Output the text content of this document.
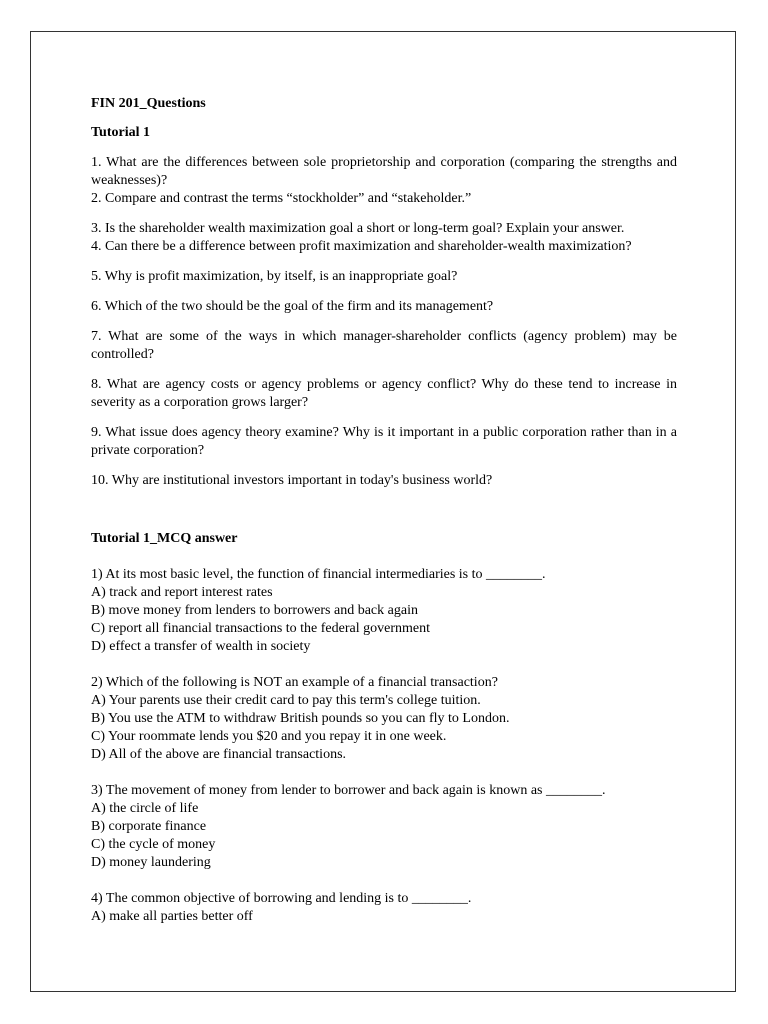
FIN 201_Questions

Tutorial 1

1. What are the differences between sole proprietorship and corporation (comparing the strengths and weaknesses)?

2. Compare and contrast the terms “stockholder” and “stakeholder.”

3. Is the shareholder wealth maximization goal a short or long-term goal? Explain your answer.

4. Can there be a difference between profit maximization and shareholder-wealth maximization?

5. Why is profit maximization, by itself, is an inappropriate goal?

6. Which of the two should be the goal of the firm and its management?

7. What are some of the ways in which manager-shareholder conflicts (agency problem) may be controlled?

8. What are agency costs or agency problems or agency conflict? Why do these tend to increase in severity as a corporation grows larger?

9. What issue does agency theory examine? Why is it important in a public corporation rather than in a private corporation?

10. Why are institutional investors important in today's business world?

Tutorial 1_MCQ answer

1) At its most basic level, the function of financial intermediaries is to ________.

A) track and report interest rates

B) move money from lenders to borrowers and back again

C) report all financial transactions to the federal government

D) effect a transfer of wealth in society

2) Which of the following is NOT an example of a financial transaction?

A) Your parents use their credit card to pay this term's college tuition.

B) You use the ATM to withdraw British pounds so you can fly to London.

C) Your roommate lends you $20 and you repay it in one week.

D) All of the above are financial transactions.

3) The movement of money from lender to borrower and back again is known as ________.

A) the circle of life

B) corporate finance

C) the cycle of money

D) money laundering

4) The common objective of borrowing and lending is to ________.

A) make all parties better off
